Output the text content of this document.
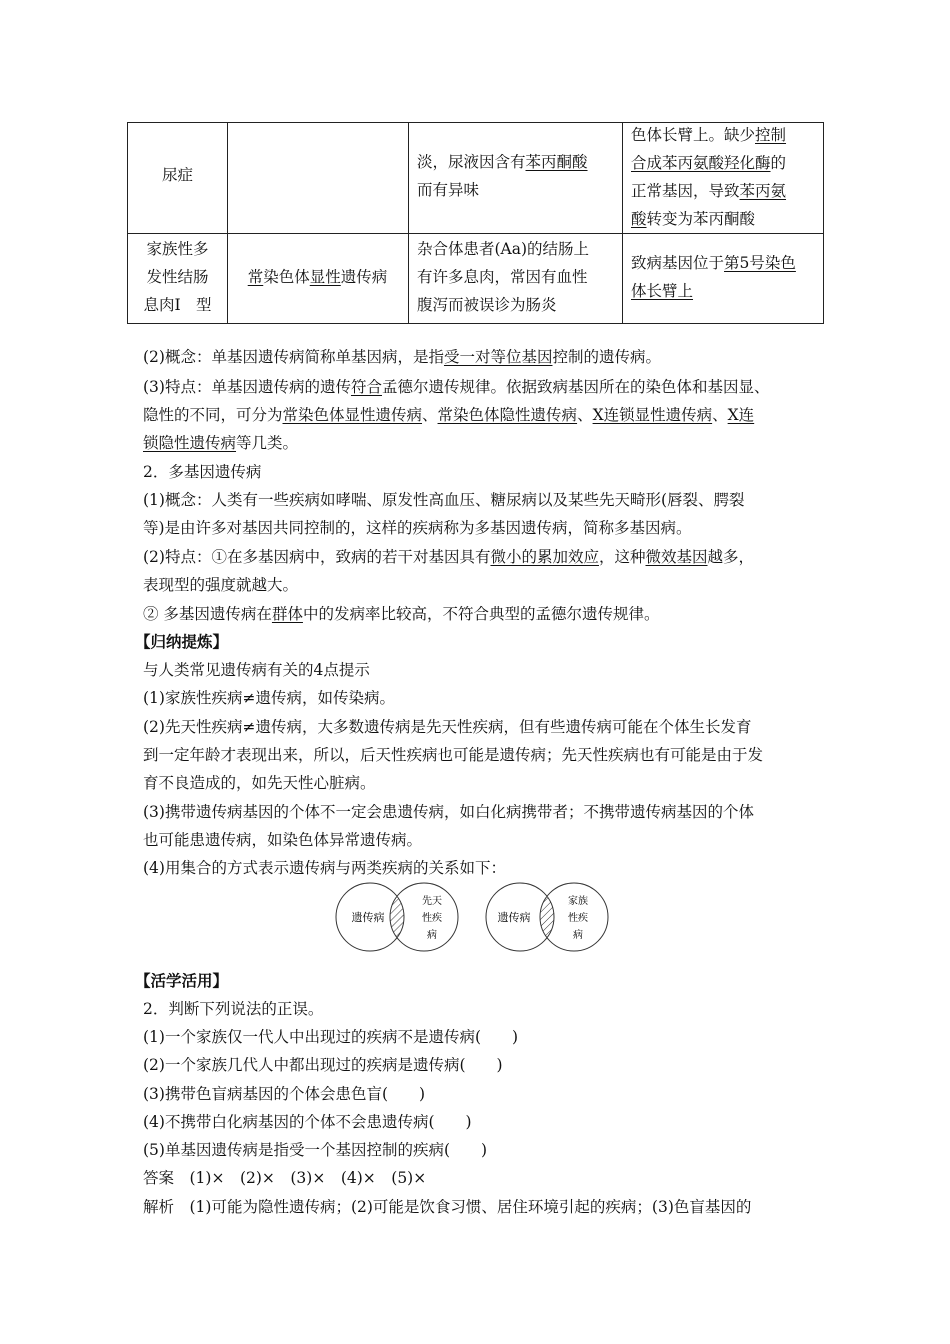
尿症
淡，尿液因含有苯丙酮酸
而有异味
色体长臂上。缺少控制
合成苯丙氨酸羟化酶的
正常基因，导致苯丙氨
酸转变为苯丙酮酸
家族性多
发性结肠
息肉Ⅰ　型
常染色体显性遗传病
杂合体患者(Aa)的结肠上
有许多息肉，常因有血性
腹泻而被误诊为肠炎
致病基因位于第5号染色
体长臂上
(2)概念：单基因遗传病简称单基因病，是指受一对等位基因控制的遗传病。
(3)特点：单基因遗传病的遗传符合孟德尔遗传规律。依据致病基因所在的染色体和基因显、
隐性的不同，可分为常染色体显性遗传病、常染色体隐性遗传病、X连锁显性遗传病、X连
锁隐性遗传病等几类。
2．多基因遗传病
(1)概念：人类有一些疾病如哮喘、原发性高血压、糖尿病以及某些先天畸形(唇裂、腭裂
等)是由许多对基因共同控制的，这样的疾病称为多基因遗传病，简称多基因病。
(2)特点：①在多基因病中，致病的若干对基因具有微小的累加效应，这种微效基因越多，
表现型的强度就越大。
② 多基因遗传病在群体中的发病率比较高，不符合典型的孟德尔遗传规律。
【归纳提炼】
与人类常见遗传病有关的4点提示
(1)家族性疾病≠遗传病，如传染病。
(2)先天性疾病≠遗传病，大多数遗传病是先天性疾病，但有些遗传病可能在个体生长发育
到一定年龄才表现出来，所以，后天性疾病也可能是遗传病；先天性疾病也有可能是由于发
育不良造成的，如先天性心脏病。
(3)携带遗传病基因的个体不一定会患遗传病，如白化病携带者；不携带遗传病基因的个体
也可能患遗传病，如染色体异常遗传病。
(4)用集合的方式表示遗传病与两类疾病的关系如下：
遗传病
先天
性疾
病
遗传病
家族
性疾
病
【活学活用】
2．判断下列说法的正误。
(1)一个家族仅一代人中出现过的疾病不是遗传病(　　)
(2)一个家族几代人中都出现过的疾病是遗传病(　　)
(3)携带色盲病基因的个体会患色盲(　　)
(4)不携带白化病基因的个体不会患遗传病(　　)
(5)单基因遗传病是指受一个基因控制的疾病(　　)
答案　(1)×　(2)×　(3)×　(4)×　(5)×
解析　(1)可能为隐性遗传病；(2)可能是饮食习惯、居住环境引起的疾病；(3)色盲基因的
